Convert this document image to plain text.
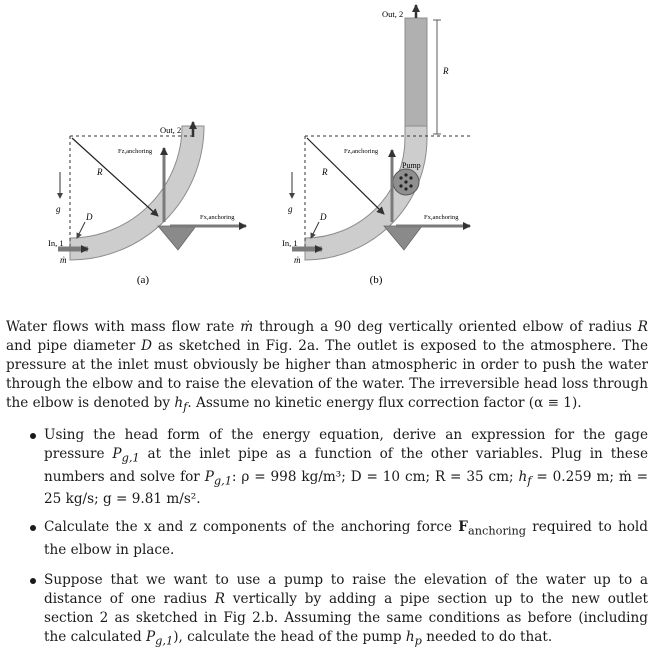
R
Fz,anchoring
Fx,anchoring
Out, 2
In, 1
ṁ
D
g
(a)
R
R
Pump
Fz,anchoring
Fx,anchoring
Out, 2
In, 1
ṁ
D
g
(b)

Water flows with mass flow rate ṁ through a 90 deg vertically oriented elbow of radius R and pipe diameter D as sketched in Fig. 2a. The outlet is exposed to the atmosphere. The pressure at the inlet must obviously be higher than atmospheric in order to push the water through the elbow and to raise the elevation of the water. The irreversible head loss through the elbow is denoted by $h_f$. Assume no kinetic energy flux correction factor (α ≡ 1).

Using the head form of the energy equation, derive an expression for the gage pressure $P_{g,1}$ at the inlet pipe as a function of the other variables. Plug in these numbers and solve for $P_{g,1}$: ρ = 998 kg/m³; D = 10 cm; R = 35 cm; $h_f = 0.259$ m; ṁ = 25 kg/s; g = 9.81 m/s².
Calculate the x and z components of the anchoring force $F_{anchoring}$ required to hold the elbow in place.
Suppose that we want to use a pump to raise the elevation of the water up to a distance of one radius R vertically by adding a pipe section up to the new outlet section 2 as sketched in Fig 2.b. Assuming the same conditions as before (including the calculated $P_{g,1}$), calculate the head of the pump $h_p$ needed to do that.
